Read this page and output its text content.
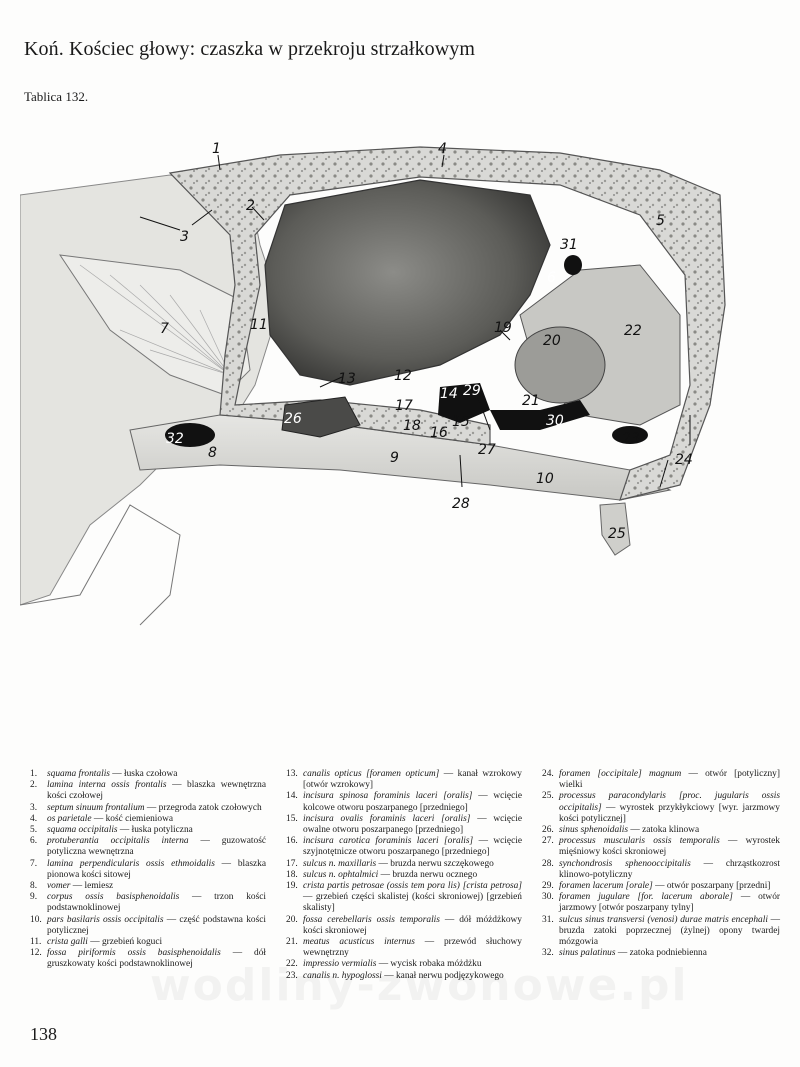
Koń. Kościec głowy: czaszka w przekroju strzałkowym
Tablica 132.
1
2
3
4
5
6
7
8	9
10
11
12
13
14
15
16
17
18
19
20
21
22
23
24
25
26
27
28
29
30
31
32
1.	squama frontalis — łuska czołowa
2.	lamina interna ossis frontalis — blaszka wewnętrzna kości czołowej
3.	septum sinuum frontalium — przegroda zatok czołowych
4.	os parietale — kość ciemieniowa
5.	squama occipitalis — łuska potyliczna
6.	protuberantia occipitalis interna — guzowatość potyliczna wewnętrzna
7.	lamina perpendicularis ossis ethmoidalis — blaszka pionowa kości sitowej
8.	vomer — lemiesz
9.	corpus ossis basisphenoidalis — trzon kości podstawnoklinowej
10. pars basilaris ossis occipitalis — część podstawna kości potylicznej
11. crista galli — grzebień koguci
12. fossa piriformis ossis basisphenoidalis — dół gruszkowaty kości podstawnoklinowej
13. canalis opticus [foramen opticum] — kanał wzrokowy [otwór wzrokowy]
14. incisura spinosa foraminis laceri [oralis] — wcięcie kolcowe otworu poszarpanego [przedniego]
15. incisura ovalis foraminis laceri [oralis] — wcięcie owalne otworu poszarpanego [przedniego]
16. incisura carotica foraminis laceri [oralis] — wcięcie szyjnotętnicze otworu poszarpanego [przedniego]
17. sulcus n. maxillaris — bruzda nerwu szczękowego
18. sulcus n. ophtalmici — bruzda nerwu ocznego
19. crista partis petrosae (ossis tem pora lis) [crista petrosa] — grzebień części skalistej (kości skroniowej) [grzebień skalisty]
20. fossa cerebellaris ossis temporalis — dół móżdżkowy kości skroniowej
21. meatus acusticus internus — przewód słuchowy wewnętrzny
22. impressio vermialis — wycisk robaka móżdżku
23. canalis n. hypoglossi — kanał nerwu podjęzykowego
24. foramen [occipitale] magnum — otwór [potyliczny] wielki
25. processus paracondylaris [proc. jugularis ossis occipitalis] — wyrostek przykłykciowy [wyr. jarzmowy kości potylicznej]
26. sinus sphenoidalis — zatoka klinowa
27. processus muscularis ossis temporalis — wyrostek mięśniowy kości skroniowej
28. synchondrosis sphenooccipitalis — chrząstkozrost klinowo-potyliczny
29. foramen lacerum [orale] — otwór poszarpany [przedni]
30. foramen jugulare [for. lacerum aborale] — otwór jarzmowy [otwór poszarpany tylny]
31. sulcus sinus transversi (venosi) durae matris encephali — bruzda zatoki poprzecznej (żylnej) opony twardej mózgowia
32. sinus palatinus — zatoka podniebienna
138
